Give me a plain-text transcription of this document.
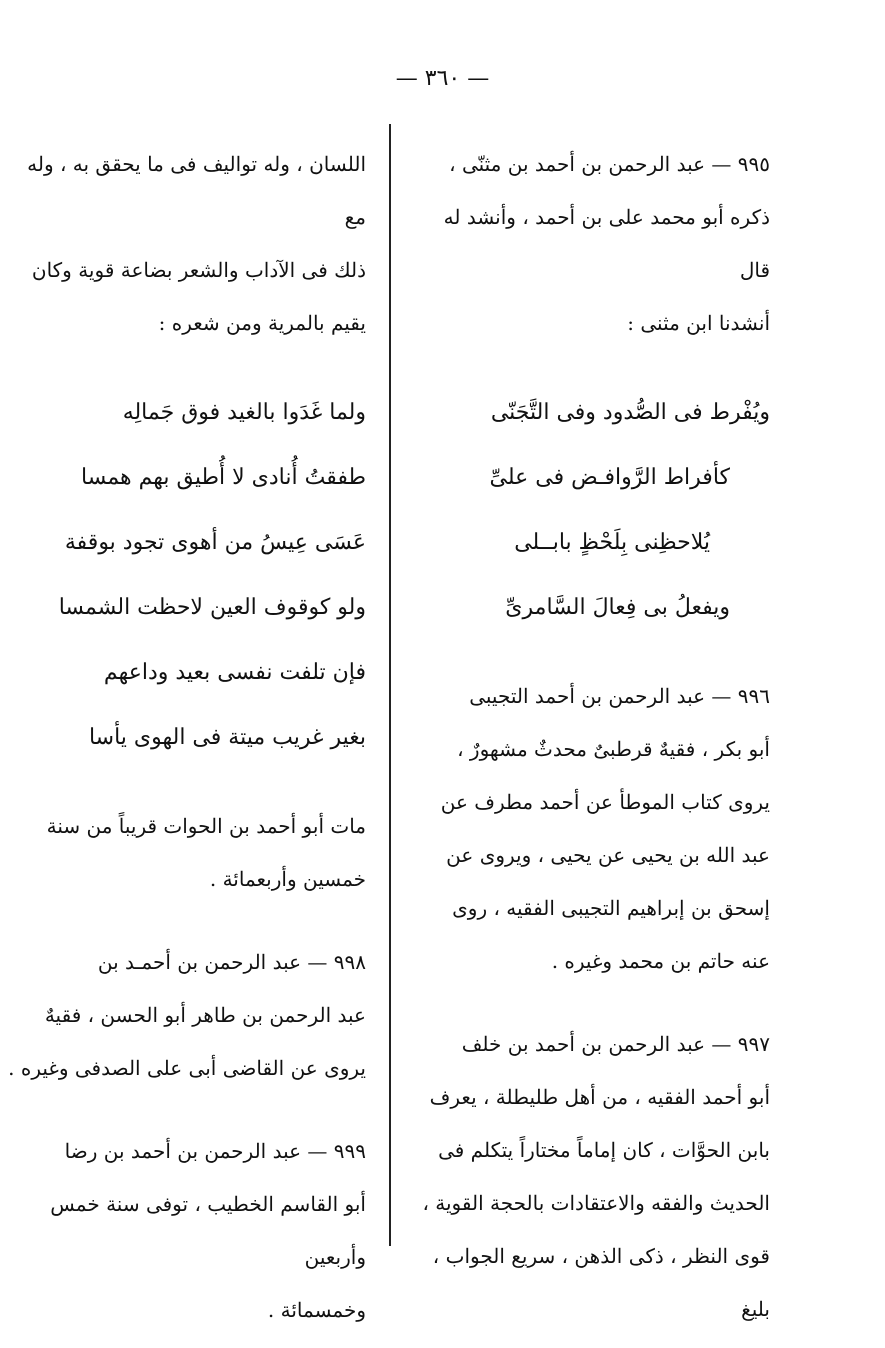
— ٣٦٠ —

٩٩٥ — عبد الرحمن بن أحمد بن مثنّى ،

ذكره أبو محمد على بن أحمد ، وأنشد له قال

أنشدنا ابن مثنى :

ويُفْرط فى الصُّدود وفى التَّجَنّى

كأفراط الرَّوافـض فى علىِّ

يُلاحظِنى بِلَحْظٍ بابــلى

ويفعلُ بى فِعالَ السَّامرىِّ

٩٩٦ — عبد الرحمن بن أحمد التجيبى

أبو بكر ، فقيهٌ قرطبىٌ محدثٌ مشهورٌ ،

يروى كتاب الموطأ عن أحمد مطرف عن

عبد الله بن يحيى عن يحيى ، ويروى عن

إسحق بن إبراهيم التجيبى الفقيه ، روى

عنه حاتم بن محمد وغيره .

٩٩٧ — عبد الرحمن بن أحمد بن خلف

أبو أحمد الفقيه ، من أهل طليطلة ، يعرف

بابن الحوَّات ، كان إماماً مختاراً يتكلم فى

الحديث والفقه والاعتقادات بالحجة القوية ،

قوى النظر ، ذكى الذهن ، سريع الجواب ، بليغ

اللسان ، وله تواليف فى ما يحقق به ، وله مع

ذلك فى الآداب والشعر بضاعة قوية وكان

يقيم بالمرية ومن شعره :

ولما غَدَوا بالغيد فوق جَمالِه

طفقتُ أُنادى لا أُطيق بهم همسا

عَسَى عِيسُ من أهوى تجود بوقفة

ولو كوقوف العين لاحظت الشمسا

فإن تلفت نفسى بعيد وداعهم

بغير غريب ميتة فى الهوى يأسا

مات أبو أحمد بن الحوات قريباً من سنة

خمسين وأربعمائة .

٩٩٨ — عبد الرحمن بن أحمـد بن

عبد الرحمن بن طاهر أبو الحسن ، فقيهٌ

يروى عن القاضى أبى على الصدفى وغيره .

٩٩٩ — عبد الرحمن بن أحمد بن رضا

أبو القاسم الخطيب ، توفى سنة خمس وأربعين

وخمسمائة .
